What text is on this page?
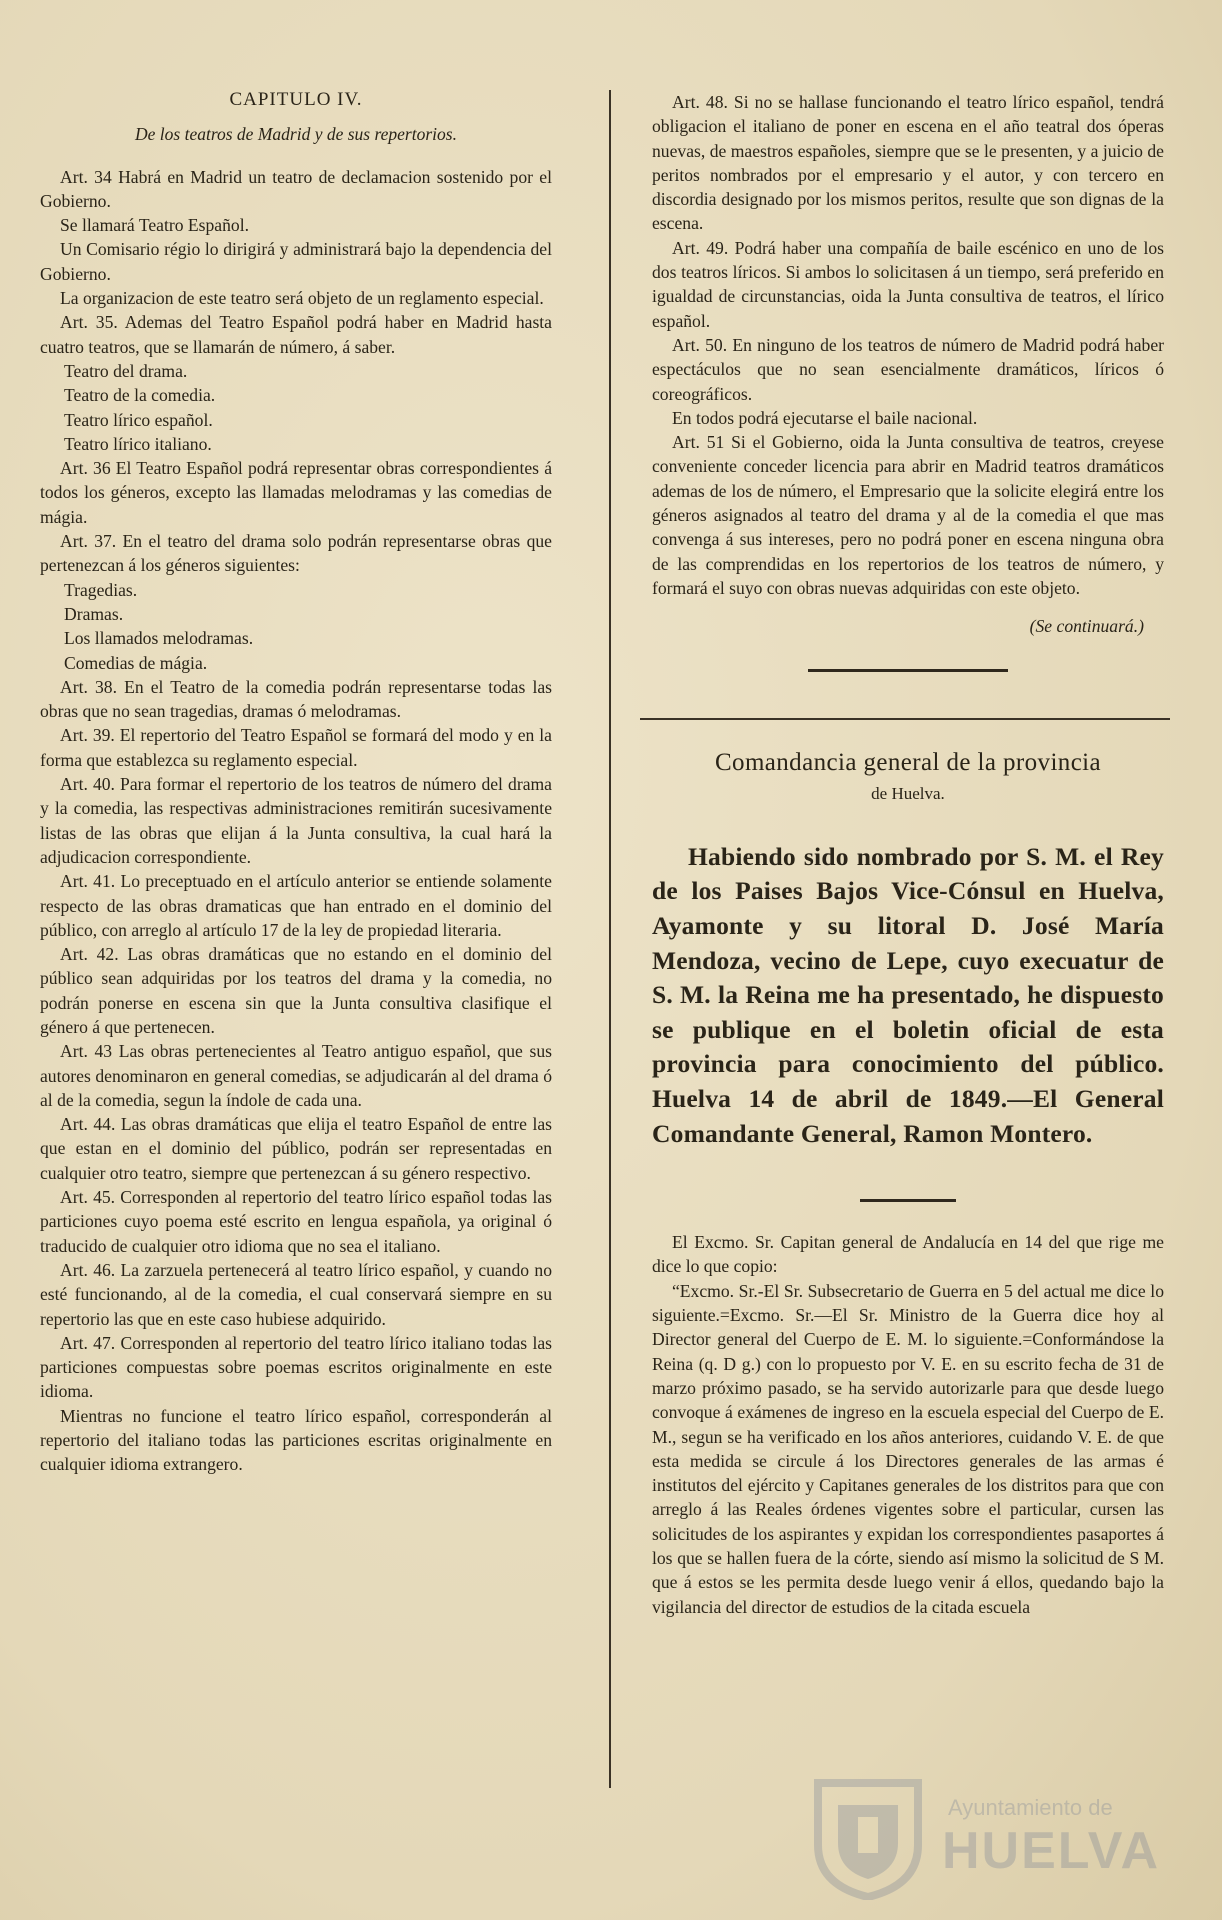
CAPITULO IV.
De los teatros de Madrid y de sus repertorios.

Art. 34 Habrá en Madrid un teatro de declamacion sostenido por el Gobierno.

Se llamará Teatro Español.

Un Comisario régio lo dirigirá y administrará bajo la dependencia del Gobierno.

La organizacion de este teatro será objeto de un reglamento especial.

Art. 35. Ademas del Teatro Español podrá haber en Madrid hasta cuatro teatros, que se llamarán de número, á saber.

Teatro del drama.

Teatro de la comedia.

Teatro lírico español.

Teatro lírico italiano.

Art. 36 El Teatro Español podrá representar obras correspondientes á todos los géneros, excepto las llamadas melodramas y las comedias de mágia.

Art. 37. En el teatro del drama solo podrán representarse obras que pertenezcan á los géneros siguientes:

Tragedias.

Dramas.

Los llamados melodramas.

Comedias de mágia.

Art. 38. En el Teatro de la comedia podrán representarse todas las obras que no sean tragedias, dramas ó melodramas.

Art. 39. El repertorio del Teatro Español se formará del modo y en la forma que establezca su reglamento especial.

Art. 40. Para formar el repertorio de los teatros de número del drama y la comedia, las respectivas administraciones remitirán sucesivamente listas de las obras que elijan á la Junta consultiva, la cual hará la adjudicacion correspondiente.

Art. 41. Lo preceptuado en el artículo anterior se entiende solamente respecto de las obras dramaticas que han entrado en el dominio del público, con arreglo al artículo 17 de la ley de propiedad literaria.

Art. 42. Las obras dramáticas que no estando en el dominio del público sean adquiridas por los teatros del drama y la comedia, no podrán ponerse en escena sin que la Junta consultiva clasifique el género á que pertenecen.

Art. 43 Las obras pertenecientes al Teatro antiguo español, que sus autores denominaron en general comedias, se adjudicarán al del drama ó al de la comedia, segun la índole de cada una.

Art. 44. Las obras dramáticas que elija el teatro Español de entre las que estan en el dominio del público, podrán ser representadas en cualquier otro teatro, siempre que pertenezcan á su género respectivo.

Art. 45. Corresponden al repertorio del teatro lírico español todas las particiones cuyo poema esté escrito en lengua española, ya original ó traducido de cualquier otro idioma que no sea el italiano.

Art. 46. La zarzuela pertenecerá al teatro lírico español, y cuando no esté funcionando, al de la comedia, el cual conservará siempre en su repertorio las que en este caso hubiese adquirido.

Art. 47. Corresponden al repertorio del teatro lírico italiano todas las particiones compuestas sobre poemas escritos originalmente en este idioma.

Mientras no funcione el teatro lírico español, corresponderán al repertorio del italiano todas las particiones escritas originalmente en cualquier idioma extrangero.

Art. 48. Si no se hallase funcionando el teatro lírico español, tendrá obligacion el italiano de poner en escena en el año teatral dos óperas nuevas, de maestros españoles, siempre que se le presenten, y a juicio de peritos nombrados por el empresario y el autor, y con tercero en discordia designado por los mismos peritos, resulte que son dignas de la escena.

Art. 49. Podrá haber una compañía de baile escénico en uno de los dos teatros líricos. Si ambos lo solicitasen á un tiempo, será preferido en igualdad de circunstancias, oida la Junta consultiva de teatros, el lírico español.

Art. 50. En ninguno de los teatros de número de Madrid podrá haber espectáculos que no sean esencialmente dramáticos, líricos ó coreográficos.

En todos podrá ejecutarse el baile nacional.

Art. 51 Si el Gobierno, oida la Junta consultiva de teatros, creyese conveniente conceder licencia para abrir en Madrid teatros dramáticos ademas de los de número, el Empresario que la solicite elegirá entre los géneros asignados al teatro del drama y al de la comedia el que mas convenga á sus intereses, pero no podrá poner en escena ninguna obra de las comprendidas en los repertorios de los teatros de número, y formará el suyo con obras nuevas adquiridas con este objeto.

(Se continuará.)
Comandancia general de la provincia
de Huelva.

Habiendo sido nombrado por S. M. el Rey de los Paises Bajos Vice-Cónsul en Huelva, Ayamonte y su litoral D. José María Mendoza, vecino de Lepe, cuyo execuatur de S. M. la Reina me ha presentado, he dispuesto se publique en el boletin oficial de esta provincia para conocimiento del público. Huelva 14 de abril de 1849.—El General Comandante General, Ramon Montero.

El Excmo. Sr. Capitan general de Andalucía en 14 del que rige me dice lo que copio:

“Excmo. Sr.-El Sr. Subsecretario de Guerra en 5 del actual me dice lo siguiente.=Excmo. Sr.—El Sr. Ministro de la Guerra dice hoy al Director general del Cuerpo de E. M. lo siguiente.=Conformándose la Reina (q. D g.) con lo propuesto por V. E. en su escrito fecha de 31 de marzo próximo pasado, se ha servido autorizarle para que desde luego convoque á exámenes de ingreso en la escuela especial del Cuerpo de E. M., segun se ha verificado en los años anteriores, cuidando V. E. de que esta medida se circule á los Directores generales de las armas é institutos del ejército y Capitanes generales de los distritos para que con arreglo á las Reales órdenes vigentes sobre el particular, cursen las solicitudes de los aspirantes y expidan los correspondientes pasaportes á los que se hallen fuera de la córte, siendo así mismo la solicitud de S M. que á estos se les permita desde luego venir á ellos, quedando bajo la vigilancia del director de estudios de la citada escuela

Ayuntamiento de
HUELVA
